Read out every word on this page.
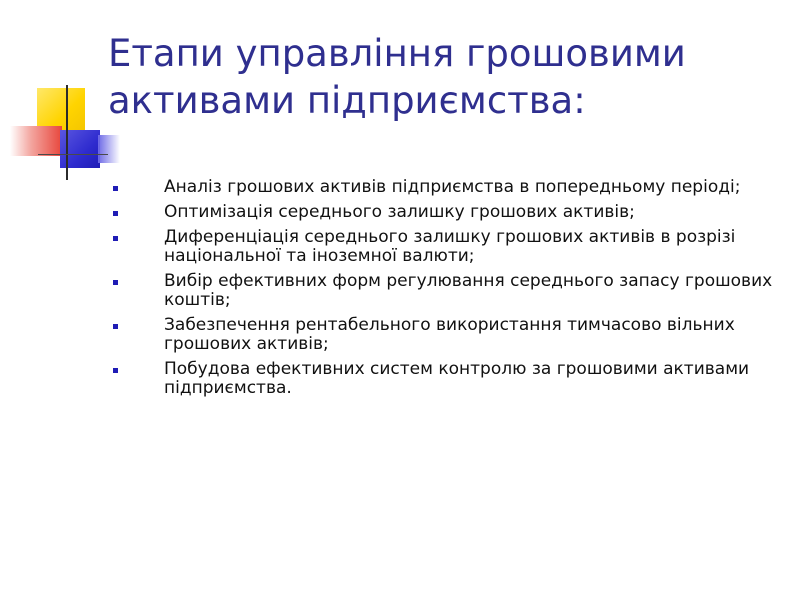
Етапи управління грошовими активами підприємства:
Аналіз грошових активів підприємства в попередньому періоді;
Оптимізація середнього залишку грошових активів;
Диференціація середнього залишку грошових активів в розрізі національної та іноземної валюти;
Вибір ефективних форм регулювання середнього запасу грошових коштів;
Забезпечення рентабельного використання тимчасово вільних грошових активів;
Побудова ефективних систем контролю за грошовими активами підприємства.
